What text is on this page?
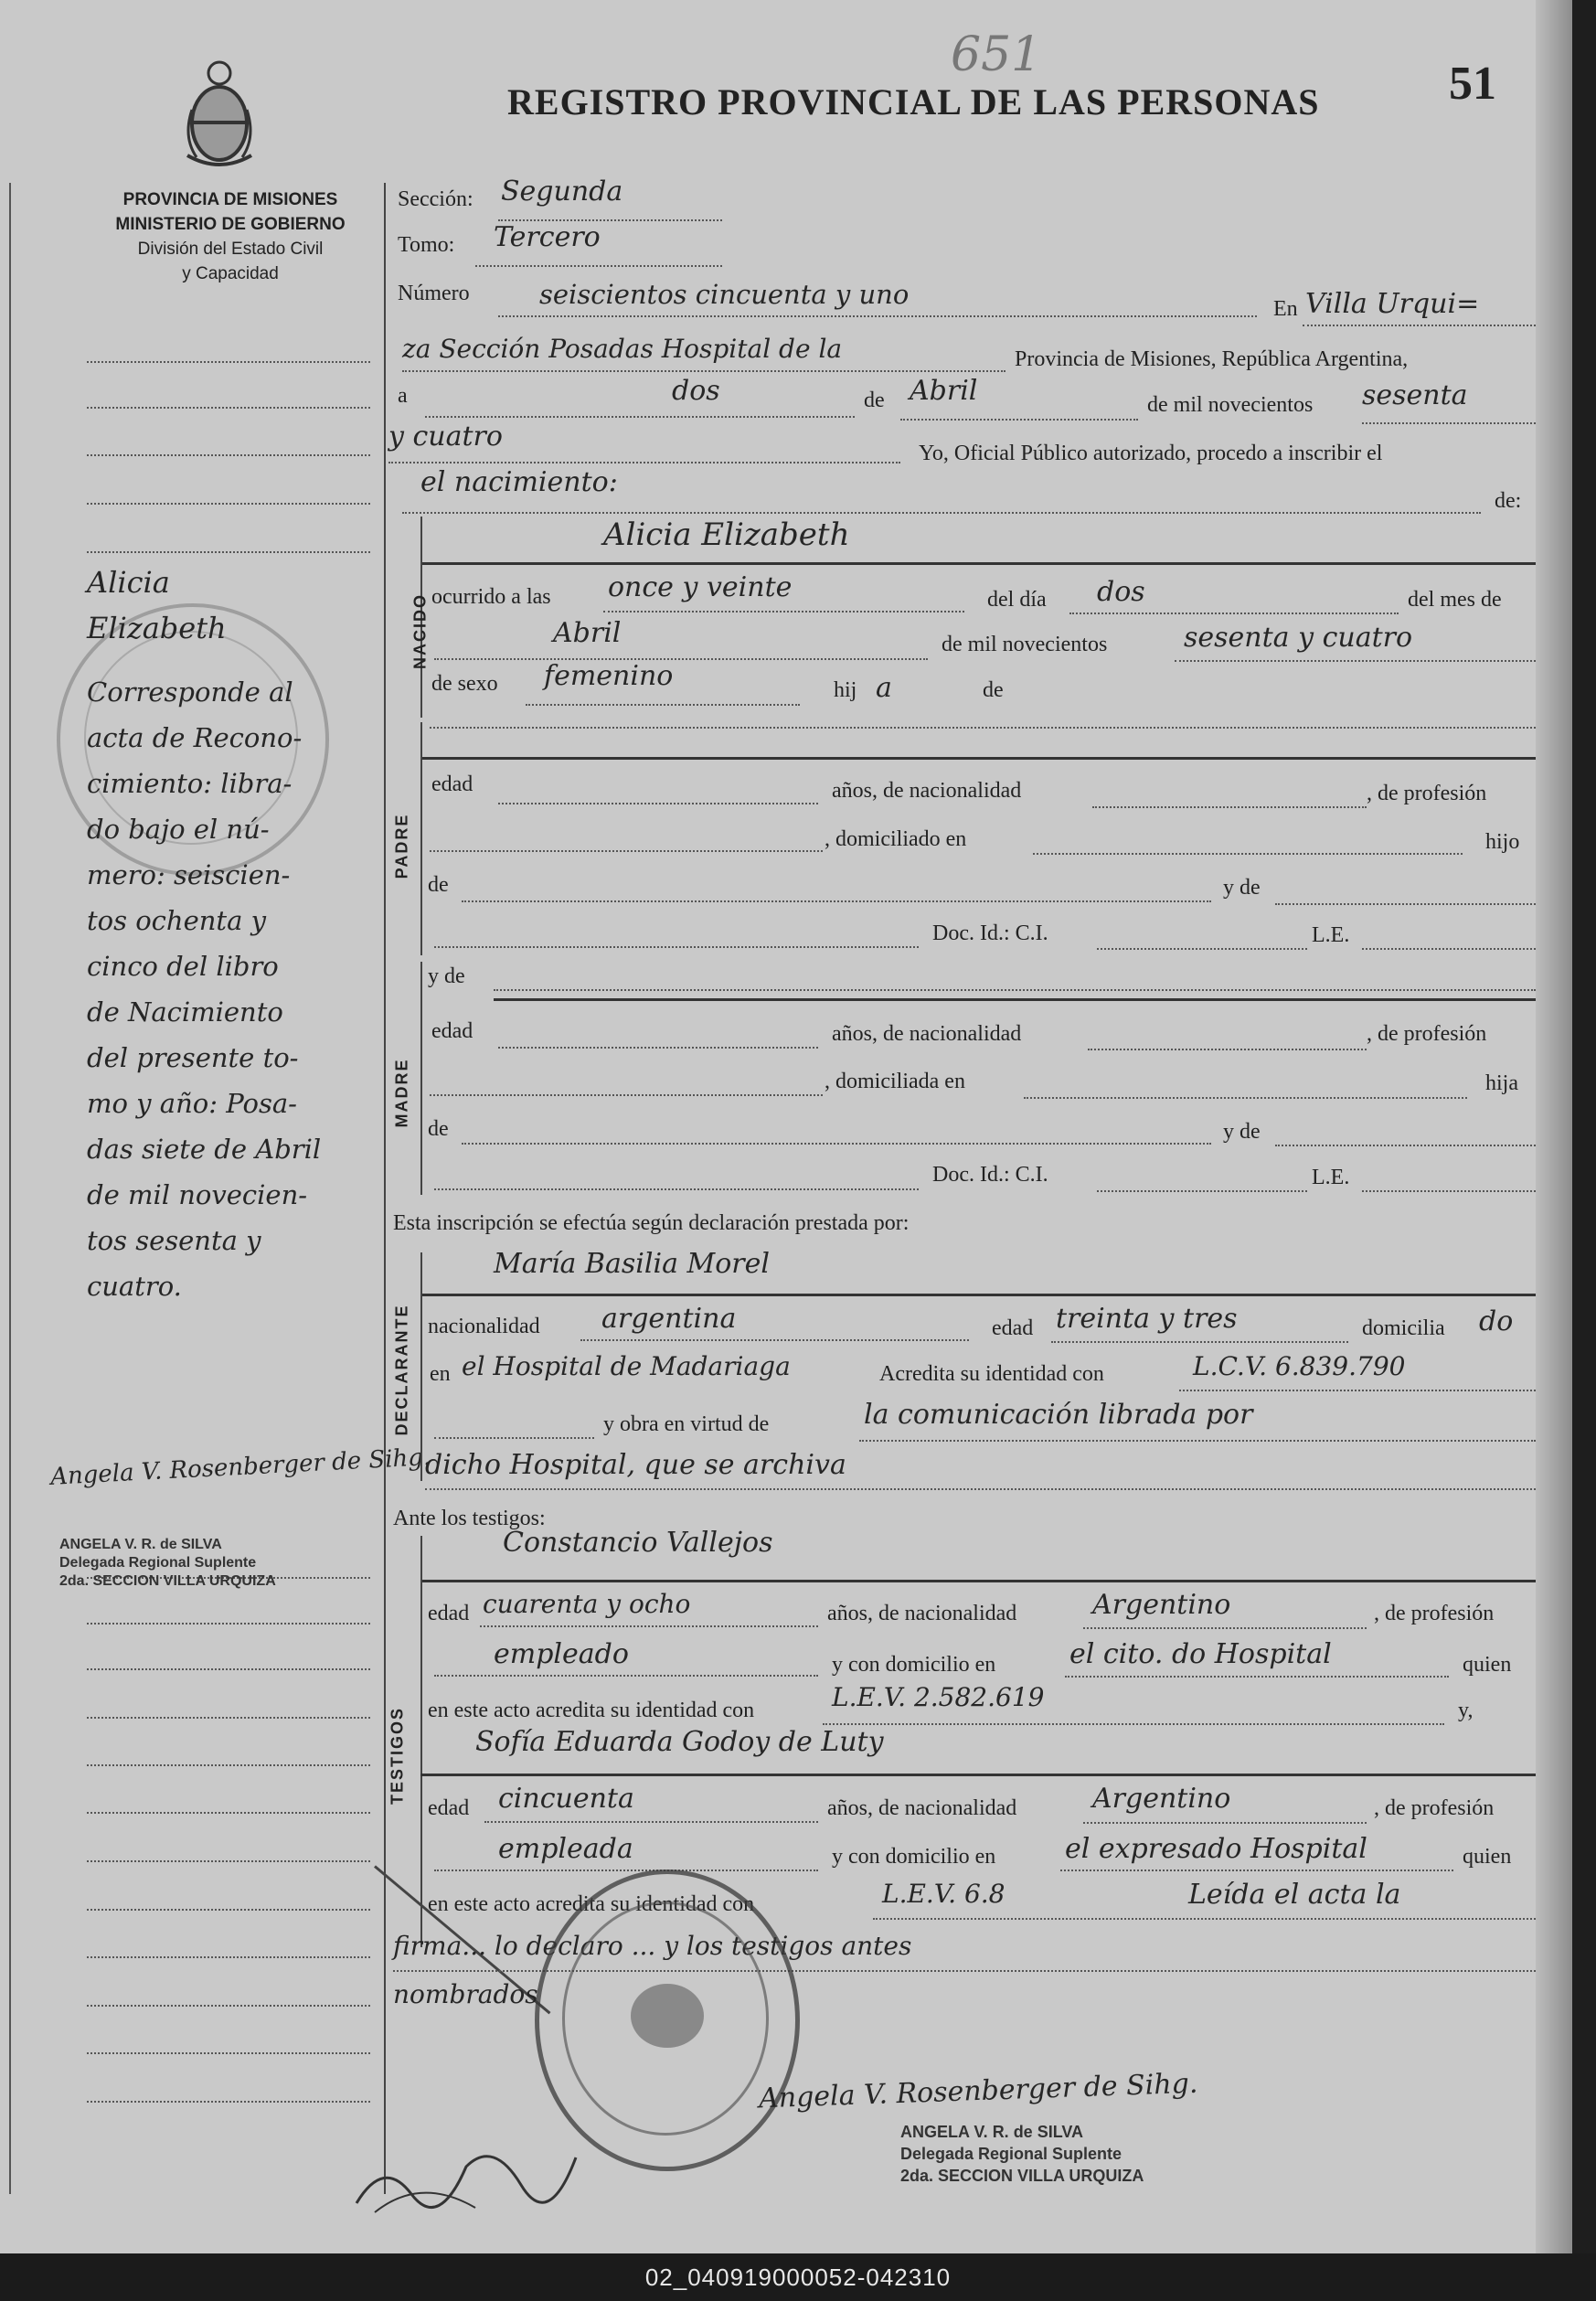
REGISTRO PROVINCIAL DE LAS PERSONAS	51
651
PROVINCIA DE MISIONES
MINISTERIO DE GOBIERNO
División del Estado Civil
y Capacidad
Alicia
Elizabeth
Corresponde al
acta de Recono-
cimiento: libra-
do bajo el nú-
mero: seiscien-
tos ochenta y
cinco del libro
de Nacimiento
del presente to-
mo y año: Posa-
das siete de Abril
de mil novecien-
tos sesenta y
cuatro.
Angela V. Rosenberger de Sihg.
ANGELA V. R. de SILVA
Delegada Regional Suplente
2da. SECCION VILLA URQUIZA
Sección: Segunda
Tomo: Tercero
Número	seiscientos cincuenta y uno	En Villa Urqui=
za Sección Posadas Hospital de la	Provincia de Misiones, República Argentina,
a	dos	de Abril	de mil novecientos sesenta
y cuatro
Yo, Oficial Público autorizado, procedo a inscribir el
el nacimiento:
de:
NACIDO
Alicia Elizabeth
ocurrido a las once y veinte	del día dos	del mes de
Abril	de mil novecientos	sesenta y cuatro
de sexo femenino	hij a	de
PADRE
edad	años, de nacionalidad	, de profesión
, domiciliado en	hijo
de	y de
Doc. Id.: C.I.	L.E.
y de
MADRE
edad	años, de nacionalidad	, de profesión
, domiciliada en	hija
de	y de
Doc. Id.: C.I.	L.E.
Esta inscripción se efectúa según declaración prestada por:
María Basilia Morel
DECLARANTE nacionalidad argentina	edad treinta y tres	domicilia do
en el Hospital de Madariaga	Acredita su identidad con	L.C.V. 6.839.790
y obra en virtud de	la comunicación librada por
dicho Hospital, que se archiva
Ante los testigos:
Constancio Vallejos
TESTIGOS
edad cuarenta y ocho	años, de nacionalidad	Argentino	, de profesión
empleado	y con domicilio en	el cito. do Hospital	quien
en este acto acredita su identidad con	L.E.V. 2.582.619	y,
Sofía Eduarda Godoy de Luty
edad cincuenta	años, de nacionalidad	Argentino	, de profesión
empleada	y con domicilio en	el expresado Hospital	quien
en este acto acredita su identidad con	L.E.V. 6.8	Leída el acta la
firma... lo declaro ... y los testigos antes
nombrados
Angela V. Rosenberger de Sihg.
ANGELA V. R. de SILVA
Delegada Regional Suplente
2da. SECCION VILLA URQUIZA
02_040919000052-042310
